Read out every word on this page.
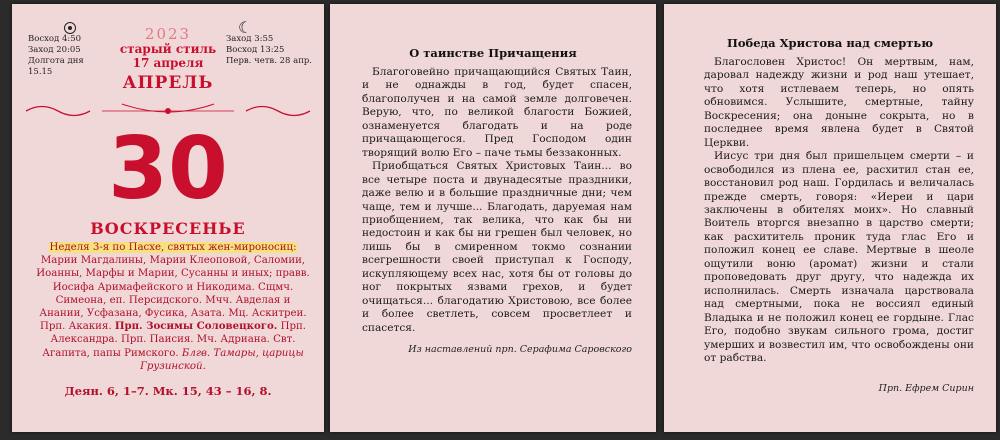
Восход 4:50
Заход 20:05
Долгота дня 15.15
2023
старый стиль
17 апреля
АПРЕЛЬ
☾
Заход 3:55
Восход 13:25
Перв. четв. 28 апр.
30
ВОСКРЕСЕНЬЕ
Неделя 3-я по Пасхе, святых жен-мироносиц: Марии Магдалины, Марии Клеоповой, Саломии, Иоанны, Марфы и Марии, Сусанны и иных; правв. Иосифа Аримафейского и Никодима. Сщмч. Симеона, еп. Персидского. Мчч. Авделая и Анании, Усфазана, Фусика, Азата. Мц. Аскитреи. Прп. Акакия. Прп. Зосимы Соловецкого. Прп. Александра. Прп. Паисия. Мч. Адриана. Свт. Агапита, папы Римского. Блгв. Тамары, царицы Грузинской.
Деян. 6, 1–7. Мк. 15, 43 – 16, 8.
О таинстве Причащения

Благоговейно причащающийся Святых Таин, и не однажды в год, будет спасен, благополучен и на самой земле долговечен. Верую, что, по великой благости Божией, ознаменуется благодать и на роде причащающегося. Пред Господом один творящий волю Его – паче тьмы беззаконных.

Приобщаться Святых Христовых Таин... во все четыре поста и двунадесятые праздники, даже велю и в большие праздничные дни; чем чаще, тем и лучше... Благодать, даруемая нам приобщением, так велика, что как бы ни недостоин и как бы ни грешен был человек, но лишь бы в смиренном токмо сознании всегрешности своей приступал к Господу, искупляющему всех нас, хотя бы от головы до ног покрытых язвами грехов, и будет очищаться... благодатию Христовою, все более и более светлеть, совсем просветлеет и спасется.

Из наставлений прп. Серафима Саровского
Победа Христова над смертью

Благословен Христос! Он мертвым, нам, даровал надежду жизни и род наш утешает, что хотя истлеваем теперь, но опять обновимся. Услышите, смертные, тайну Воскресения; она доныне сокрыта, но в последнее время явлена будет в Святой Церкви.

Иисус три дня был пришельцем смерти – и освободился из плена ее, расхитил стан ее, восстановил род наш. Гордилась и величалась прежде смерть, говоря: «Иереи и цари заключены в обителях моих». Но славный Воитель вторгся внезапно в царство смерти; как расхититель проник туда глас Его и положил конец ее славе. Мертвые в шеоле ощутили воню (аромат) жизни и стали проповедовать друг другу, что надежда их исполнилась. Смерть изначала царствовала над смертными, пока не воссиял единый Владыка и не положил конец ее гордыне. Глас Его, подобно звукам сильного грома, достиг умерших и возвестил им, что освобождены они от рабства.

Прп. Ефрем Сирин
